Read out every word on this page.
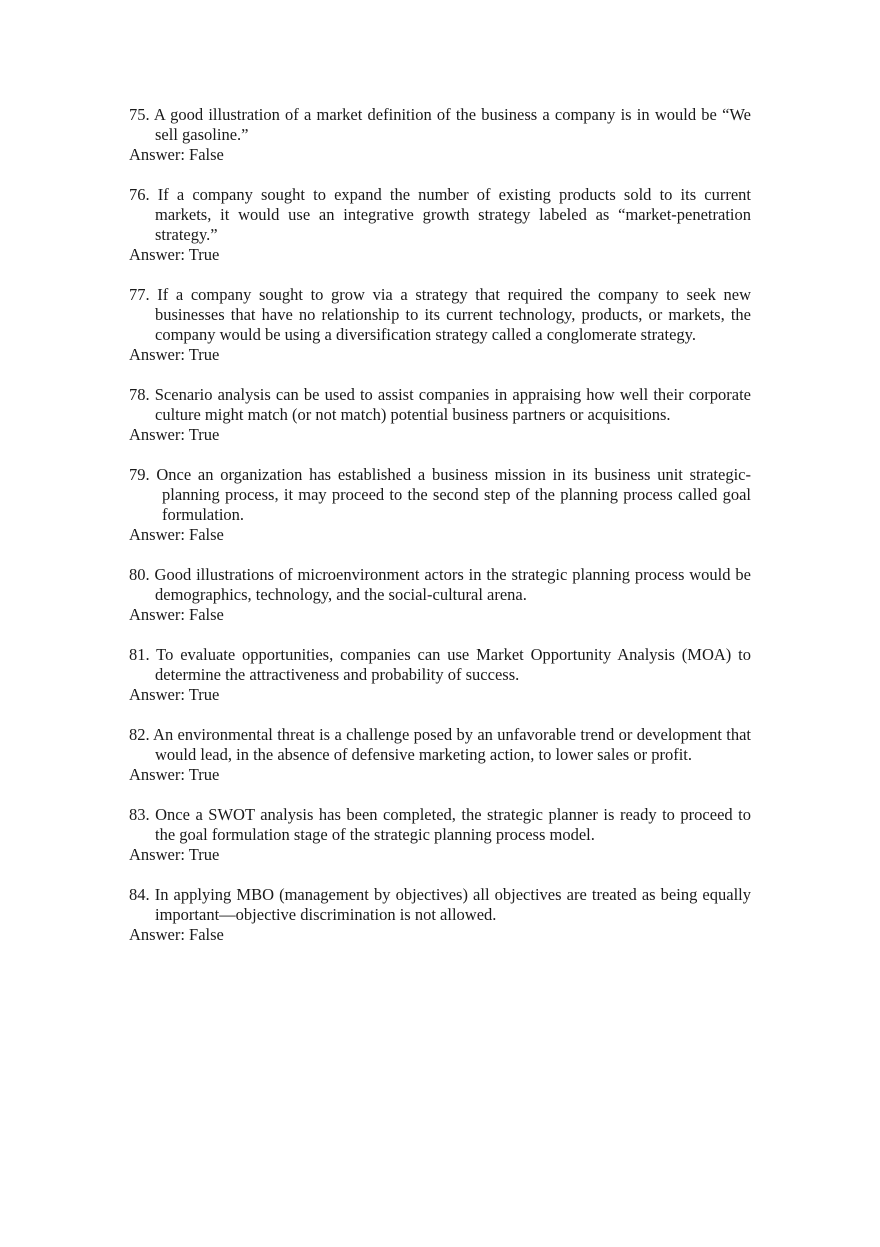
75. A good illustration of a market definition of the business a company is in would be “We sell gasoline.”

Answer: False

76. If a company sought to expand the number of existing products sold to its current markets, it would use an integrative growth strategy labeled as “market-penetration strategy.”

Answer: True

77. If a company sought to grow via a strategy that required the company to seek new businesses that have no relationship to its current technology, products, or markets, the company would be using a diversification strategy called a conglomerate strategy.

Answer: True

78. Scenario analysis can be used to assist companies in appraising how well their corporate culture might match (or not match) potential business partners or acquisitions.

Answer: True

79. Once an organization has established a business mission in its business unit strategic-planning process, it may proceed to the second step of the planning process called goal formulation.

Answer: False

80. Good illustrations of microenvironment actors in the strategic planning process would be demographics, technology, and the social-cultural arena.

Answer: False

81. To evaluate opportunities, companies can use Market Opportunity Analysis (MOA) to determine the attractiveness and probability of success.

Answer: True

82. An environmental threat is a challenge posed by an unfavorable trend or development that would lead, in the absence of defensive marketing action, to lower sales or profit.

Answer: True

83. Once a SWOT analysis has been completed, the strategic planner is ready to proceed to the goal formulation stage of the strategic planning process model.

Answer: True

84. In applying MBO (management by objectives) all objectives are treated as being equally important—objective discrimination is not allowed.

Answer: False
